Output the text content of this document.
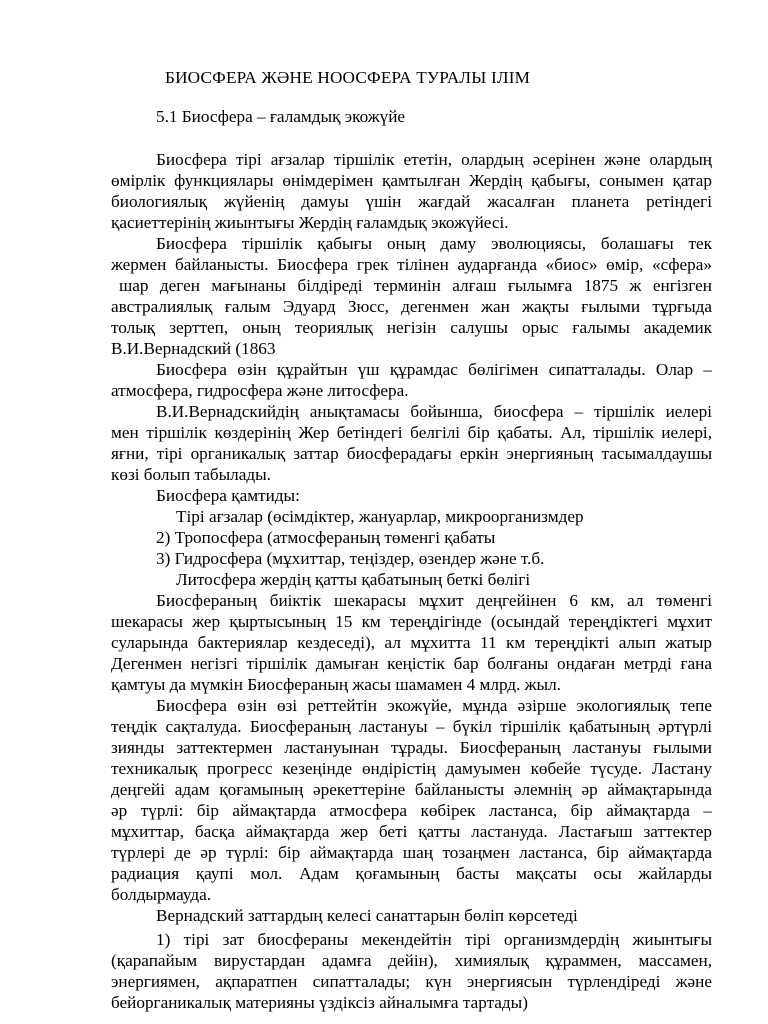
БИОСФЕРА ЖӘНЕ НООСФЕРА ТУРАЛЫ ІЛІМ
5.1 Биосфера – ғаламдық экожүйе
Биосфера тірі ағзалар тіршілік ететін, олардың әсерінен және олардың
өмірлік функциялары өнімдерімен қамтылған Жердің қабығы, сонымен қатар
биологиялық жүйенің дамуы үшін жағдай жасалған планета ретіндегі
қасиеттерінің жиынтығы Жердің ғаламдық экожүйесі.
Биосфера тіршілік қабығы оның даму эволюциясы, болашағы тек
жермен байланысты. Биосфера грек тілінен аударғанда «биос» өмір, «сфера»
шар деген мағынаны білдіреді терминін алғаш ғылымға 1875 ж енгізген
австралиялық ғалым Эдуард Зюсс, дегенмен жан жақты ғылыми тұрғыда
толық зерттеп, оның теориялық негізін салушы орыс ғалымы академик
В.И.Вернадский (1863
Биосфера өзін құрайтын үш құрамдас бөлігімен сипатталады. Олар –
атмосфера, гидросфера және литосфера.
В.И.Вернадскийдің анықтамасы бойынша, биосфера – тіршілік иелері
мен тіршілік көздерінің Жер бетіндегі белгілі бір қабаты. Ал, тіршілік иелері,
яғни, тірі органикалық заттар биосферадағы еркін энергияның тасымалдаушы
көзі болып табылады.
Биосфера қамтиды:
Тірі ағзалар (өсімдіктер, жануарлар, микроорганизмдер
2) Тропосфера (атмосфераның төменгі қабаты
3) Гидросфера (мұхиттар, теңіздер, өзендер және т.б.
Литосфера жердің қатты қабатының беткі бөлігі
Биосфераның биіктік шекарасы мұхит деңгейінен 6 км, ал төменгі
шекарасы жер қыртысының 15 км тереңдігінде (осындай тереңдіктегі мұхит
суларында бактериялар кездеседі), ал мұхитта 11 км тереңдікті алып жатыр
Дегенмен негізгі тіршілік дамыған кеңістік бар болғаны ондаған метрді ғана
қамтуы да мүмкін Биосфераның жасы шамамен 4 млрд. жыл.
Биосфера өзін өзі реттейтін экожүйе, мұнда әзірше экологиялық тепе
теңдік сақталуда. Биосфераның ластануы – бүкіл тіршілік қабатының әртүрлі
зиянды заттектермен ластануынан тұрады. Биосфераның ластануы ғылыми
техникалық прогресс кезеңінде өндірістің дамуымен көбейе түсуде. Ластану
деңгейі адам қоғамының әрекеттеріне байланысты әлемнің әр аймақтарында
әр түрлі: бір аймақтарда атмосфера көбірек ластанса, бір аймақтарда –
мұхиттар, басқа аймақтарда жер беті қатты ластануда. Ластағыш заттектер
түрлері де әр түрлі: бір аймақтарда шаң тозаңмен ластанса, бір аймақтарда
радиация қаупі мол. Адам қоғамының басты мақсаты осы жайларды
болдырмауда.
Вернадский заттардың келесі санаттарын бөліп көрсетеді
1) тірі зат биосфераны мекендейтін тірі организмдердің жиынтығы
(қарапайым вирустардан адамға дейін), химиялық құраммен, массамен,
энергиямен, ақпаратпен сипатталады; күн энергиясын түрлендіреді және
бейорганикалық материяны үздіксіз айналымға тартады)
